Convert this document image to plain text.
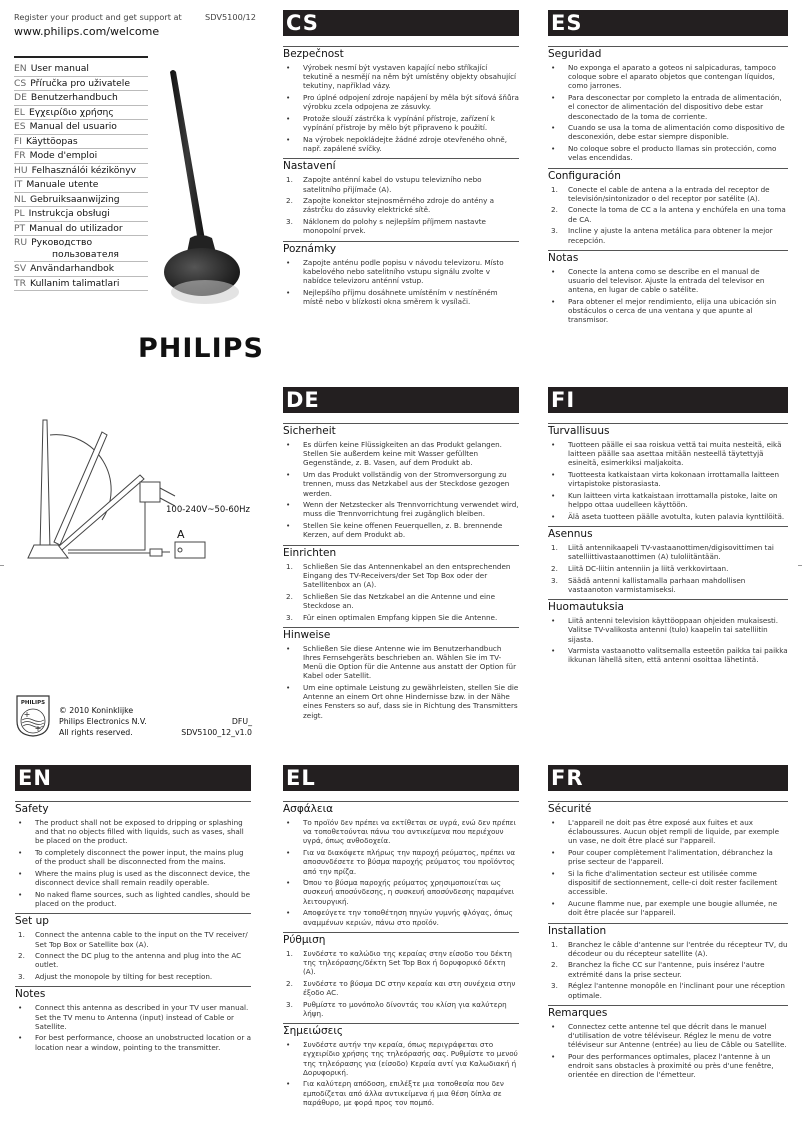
Register your product and get support at	SDV5100/12
www.philips.com/welcome
EN User manual
CS Příručka pro uživatele
DE Benutzerhandbuch
EL Εγχειρίδιο χρήσης
ES Manual del usuario
FI Käyttöopas
FR Mode d'emploi
HU Felhasználói kézikönyv
IT Manuale utente
NL Gebruiksaanwijzing
PL Instrukcja obsługi
PT Manual do utilizador
RU Руководство
пользователя
SV Användarhandbok
TR Kullanim talimatlari
PHILIPS
100-240V~50-60Hz
A
PHILIPS
© 2010 Koninklijke
Philips Electronics N.V.
All rights reserved.
DFU_
SDV5100_12_v1.0
CS
Bezpečnost
• Výrobek nesmí být vystaven kapající nebo stříkající tekutině a nesmějí na něm být umístěny objekty obsahující tekutiny, například vázy.
• Pro úplné odpojení zdroje napájení by měla být síťová šňůra výrobku zcela odpojena ze zásuvky.
• Protože slouží zástrčka k vypínání přístroje, zařízení k vypínání přístroje by mělo být připraveno k použití.
• Na výrobek nepokládejte žádné zdroje otevřeného ohně, např. zapálené svíčky.
Nastavení
1. Zapojte anténní kabel do vstupu televizního nebo satelitního přijímače (A).
2. Zapojte konektor stejnosměrného zdroje do antény a zástrčku do zásuvky elektrické sítě.
3. Náklonem do polohy s nejlepším příjmem nastavte monopolní prvek.
Poznámky
• Zapojte anténu podle popisu v návodu televizoru. Místo kabelového nebo satelitního vstupu signálu zvolte v nabídce televizoru anténní vstup.
• Nejlepšího příjmu dosáhnete umístěním v nestíněném místě nebo v blízkosti okna směrem k vysílači.
ES
Seguridad
• No exponga el aparato a goteos ni salpicaduras, tampoco coloque sobre el aparato objetos que contengan líquidos, como jarrones.
• Para desconectar por completo la entrada de alimentación, el conector de alimentación del dispositivo debe estar desconectado de la toma de corriente.
• Cuando se usa la toma de alimentación como dispositivo de desconexión, debe estar siempre disponible.
• No coloque sobre el producto llamas sin protección, como velas encendidas.
Configuración
1. Conecte el cable de antena a la entrada del receptor de televisión/sintonizador o del receptor por satélite (A).
2. Conecte la toma de CC a la antena y enchúfela en una toma de CA.
3. Incline y ajuste la antena metálica para obtener la mejor recepción.
Notas
• Conecte la antena como se describe en el manual de usuario del televisor. Ajuste la entrada del televisor en antena, en lugar de cable o satélite.
• Para obtener el mejor rendimiento, elija una ubicación sin obstáculos o cerca de una ventana y que apunte al transmisor.
DE
Sicherheit
• Es dürfen keine Flüssigkeiten an das Produkt gelangen. Stellen Sie außerdem keine mit Wasser gefüllten Gegenstände, z. B. Vasen, auf dem Produkt ab.
• Um das Produkt vollständig von der Stromversorgung zu trennen, muss das Netzkabel aus der Steckdose gezogen werden.
• Wenn der Netzstecker als Trennvorrichtung verwendet wird, muss die Trennvorrichtung frei zugänglich bleiben.
• Stellen Sie keine offenen Feuerquellen, z. B. brennende Kerzen, auf dem Produkt ab.
Einrichten
1. Schließen Sie das Antennenkabel an den entsprechenden Eingang des TV-Receivers/der Set Top Box oder der Satellitenbox an (A).
2. Schließen Sie das Netzkabel an die Antenne und eine Steckdose an.
3. Für einen optimalen Empfang kippen Sie die Antenne.
Hinweise
• Schließen Sie diese Antenne wie im Benutzerhandbuch Ihres Fernsehgeräts beschrieben an. Wählen Sie im TV-Menü die Option für die Antenne aus anstatt der Option für Kabel oder Satellit.
• Um eine optimale Leistung zu gewährleisten, stellen Sie die Antenne an einem Ort ohne Hindernisse bzw. in der Nähe eines Fensters so auf, dass sie in Richtung des Transmitters zeigt.
FI
Turvallisuus
• Tuotteen päälle ei saa roiskua vettä tai muita nesteitä, eikä laitteen päälle saa asettaa mitään nesteellä täytettyjä esineitä, esimerkiksi maljakoita.
• Tuotteesta katkaistaan virta kokonaan irrottamalla laitteen virtapistoke pistorasiasta.
• Kun laitteen virta katkaistaan irrottamalla pistoke, laite on helppo ottaa uudelleen käyttöön.
• Älä aseta tuotteen päälle avotulta, kuten palavia kynttilöitä.
Asennus
1. Liitä antennikaapeli TV-vastaanottimen/digisovittimen tai satelliittivastaanottimen (A) tuloliitäntään.
2. Liitä DC-liitin antenniin ja liitä verkkovirtaan.
3. Säädä antenni kallistamalla parhaan mahdollisen vastaanoton varmistamiseksi.
Huomautuksia
• Liitä antenni television käyttöoppaan ohjeiden mukaisesti. Valitse TV-valikosta antenni (tulo) kaapelin tai satelliitin sijasta.
• Varmista vastaanotto valitsemalla esteetön paikka tai paikka ikkunan lähellä siten, että antenni osoittaa lähetintä.
EN
Safety
• The product shall not be exposed to dripping or splashing and that no objects filled with liquids, such as vases, shall be placed on the product.
• To completely disconnect the power input, the mains plug of the product shall be disconnected from the mains.
• Where the mains plug is used as the disconnect device, the disconnect device shall remain readily operable.
• No naked flame sources, such as lighted candles, should be placed on the product.
Set up
1. Connect the antenna cable to the input on the TV receiver/ Set Top Box or Satellite box (A).
2. Connect the DC plug to the antenna and plug into the AC outlet.
3. Adjust the monopole by tilting for best reception.
Notes
• Connect this antenna as described in your TV user manual. Set the TV menu to Antenna (input) instead of Cable or Satellite.
• For best performance, choose an unobstructed location or a location near a window, pointing to the transmitter.
EL
Ασφάλεια
• Το προϊόν δεν πρέπει να εκτίθεται σε υγρά, ενώ δεν πρέπει να τοποθετούνται πάνω του αντικείμενα που περιέχουν υγρά, όπως ανθοδοχεία.
• Για να διακόψετε πλήρως την παροχή ρεύματος, πρέπει να αποσυνδέσετε το βύσμα παροχής ρεύματος του προϊόντος από την πρίζα.
• Όπου το βύσμα παροχής ρεύματος χρησιμοποιείται ως συσκευή αποσύνδεσης, η συσκευή αποσύνδεσης παραμένει λειτουργική.
• Αποφεύγετε την τοποθέτηση πηγών γυμνής φλόγας, όπως αναμμένων κεριών, πάνω στο προϊόν.
Ρύθμιση
1. Συνδέστε το καλώδιο της κεραίας στην είσοδο του δέκτη της τηλεόρασης/δέκτη Set Top Box ή δορυφορικό δέκτη (A).
2. Συνδέστε το βύσμα DC στην κεραία και στη συνέχεια στην έξοδο AC.
3. Ρυθμίστε το μονόπολο δίνοντάς του κλίση για καλύτερη λήψη.
Σημειώσεις
• Συνδέστε αυτήν την κεραία, όπως περιγράφεται στο εγχειρίδιο χρήσης της τηλεόρασής σας. Ρυθμίστε το μενού της τηλεόρασης για (είσοδο) Κεραία αντί για Καλωδιακή ή Δορυφορική.
• Για καλύτερη απόδοση, επιλέξτε μια τοποθεσία που δεν εμποδίζεται από άλλα αντικείμενα ή μια θέση δίπλα σε παράθυρο, με φορά προς τον πομπό.
FR
Sécurité
• L'appareil ne doit pas être exposé aux fuites et aux éclaboussures. Aucun objet rempli de liquide, par exemple un vase, ne doit être placé sur l'appareil.
• Pour couper complètement l'alimentation, débranchez la prise secteur de l'appareil.
• Si la fiche d'alimentation secteur est utilisée comme dispositif de sectionnement, celle-ci doit rester facilement accessible.
• Aucune flamme nue, par exemple une bougie allumée, ne doit être placée sur l'appareil.
Installation
1. Branchez le câble d'antenne sur l'entrée du récepteur TV, du décodeur ou du récepteur satellite (A).
2. Branchez la fiche CC sur l'antenne, puis insérez l'autre extrémité dans la prise secteur.
3. Réglez l'antenne monopôle en l'inclinant pour une réception optimale.
Remarques
• Connectez cette antenne tel que décrit dans le manuel d'utilisation de votre téléviseur. Réglez le menu de votre téléviseur sur Antenne (entrée) au lieu de Câble ou Satellite.
• Pour des performances optimales, placez l'antenne à un endroit sans obstacles à proximité ou près d'une fenêtre, orientée en direction de l'émetteur.
